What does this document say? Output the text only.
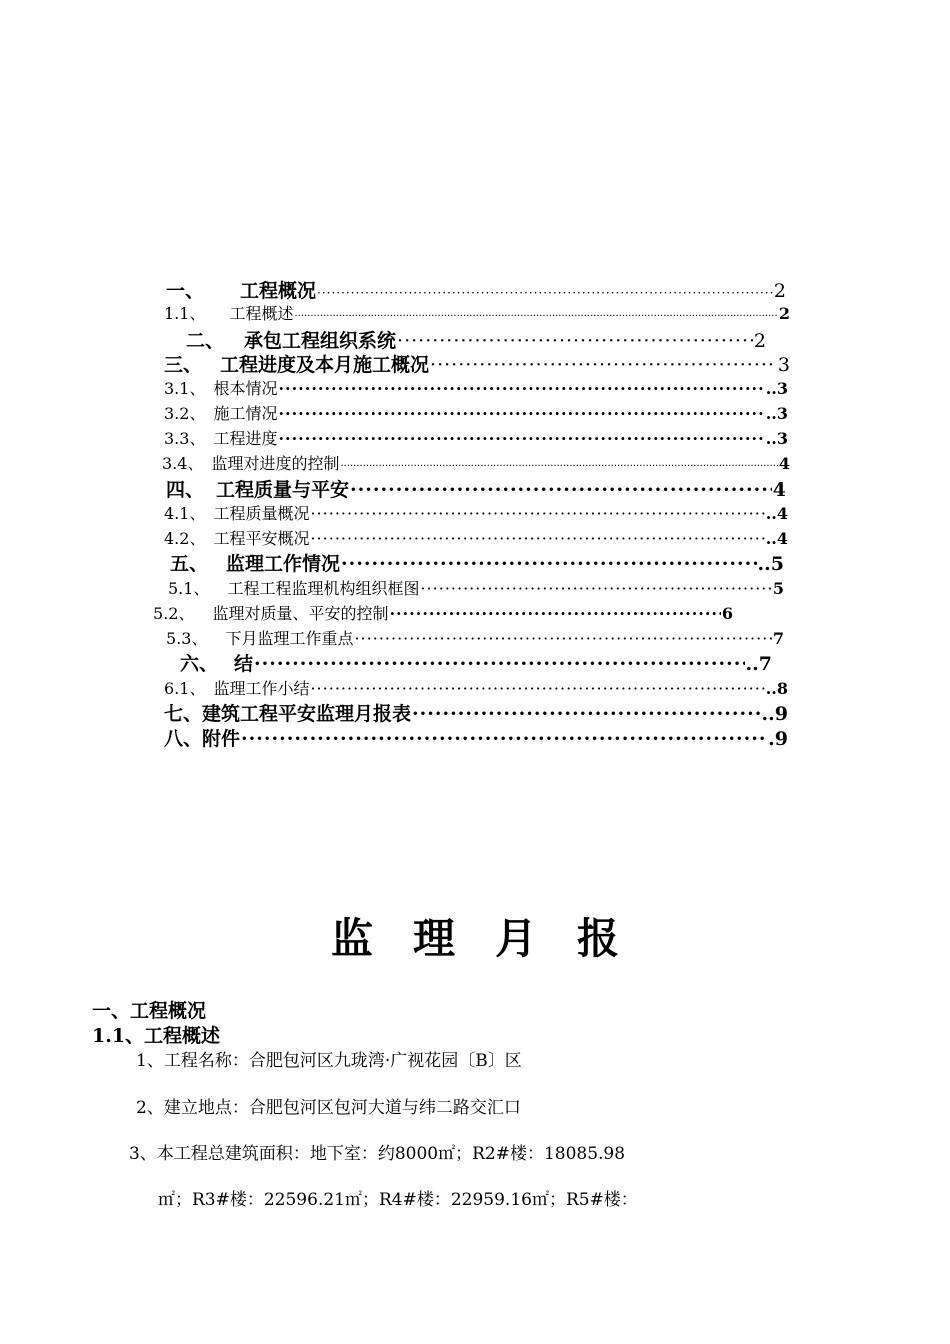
一、 工程概况 ·····	2
1.1、 工程概述 ·····	2
二、 承包工程组织系统 ·····	2
三、 工程进度及本月施工概况 ·····	3
3.1、 根本情况 ·····	..3
3.2、 施工情况 ·····	..3
3.3、 工程进度 ·····	..3
3.4、 监理对进度的控制 ·····	4
四、 工程质量与平安 ·····	4
4.1、 工程质量概况 ·····	..4
4.2、 工程平安概况 ·····	..4
五、 监理工作情况 ·····	..5
5.1、 工程工程监理机构组织框图 ·····	5
5.2、 监理对质量、平安的控制 ·····	6
5.3、 下月监理工作重点 ·····	7
六、 结 ·····	..7
6.1、 监理工作小结 ·····	..8
七、 建筑工程平安监理月报表 ·····	..9
八、 附件 ·····	.9
监理月报
一、工程概况
1.1、工程概述
1、工程名称：合肥包河区九珑湾·广视花园〔B〕区
2、建立地点：合肥包河区包河大道与纬二路交汇口
3、本工程总建筑面积：地下室：约8000㎡；R2#楼：18085.98
㎡；R3#楼：22596.21㎡；R4#楼：22959.16㎡；R5#楼：
